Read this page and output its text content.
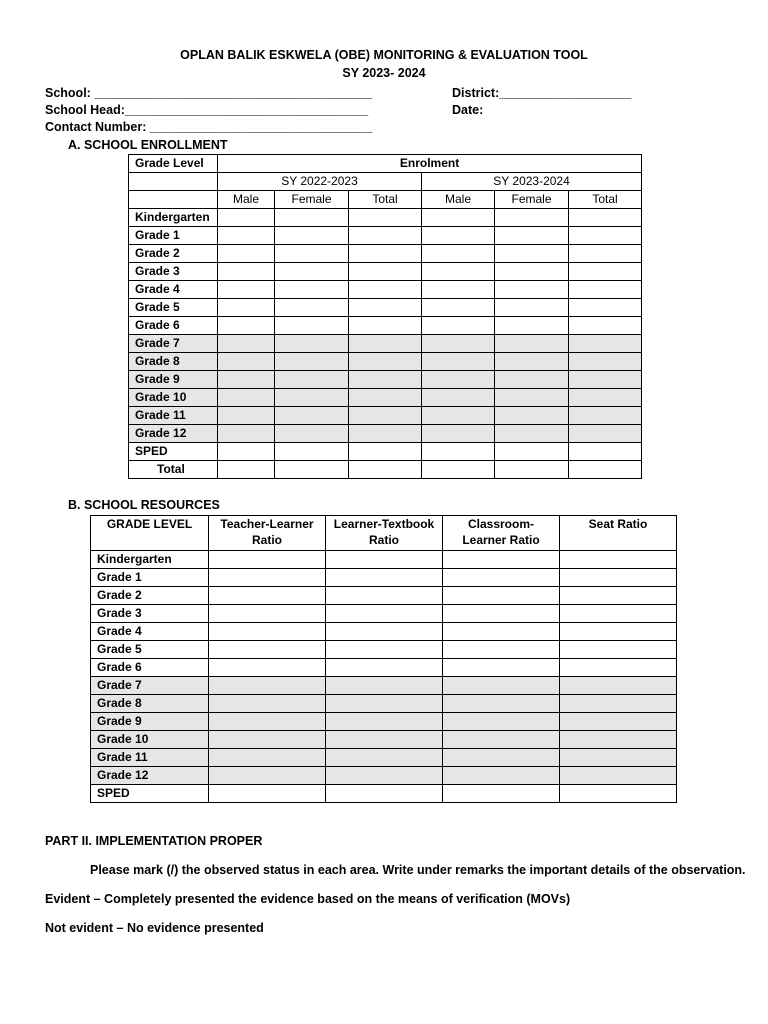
OPLAN BALIK ESKWELA (OBE) MONITORING & EVALUATION TOOL
SY 2023- 2024
School: ________________________________________	District:___________________
School Head:___________________________________	Date:
Contact Number: ________________________________
A. SCHOOL ENROLLMENT
Grade Level	Enrolment					
	SY 2022-2023			SY 2023-2024		
	Male	Female	Total	Male	Female	Total
Kindergarten						
Grade 1						
Grade 2						
Grade 3						
Grade 4						
Grade 5						
Grade 6						
Grade 7						
Grade 8						
Grade 9						
Grade 10						
Grade 11						
Grade 12						
SPED						
Total						
B. SCHOOL RESOURCES
GRADE LEVEL	Teacher-Learner Ratio	Learner-Textbook Ratio	Classroom-Learner Ratio	Seat Ratio
Kindergarten				
Grade 1				
Grade 2				
Grade 3				
Grade 4				
Grade 5				
Grade 6				
Grade 7				
Grade 8				
Grade 9				
Grade 10				
Grade 11				
Grade 12				
SPED				
PART II. IMPLEMENTATION PROPER
Please mark (/) the observed status in each area. Write under remarks the important details of the observation.
Evident – Completely presented the evidence based on the means of verification (MOVs)
Not evident – No evidence presented
